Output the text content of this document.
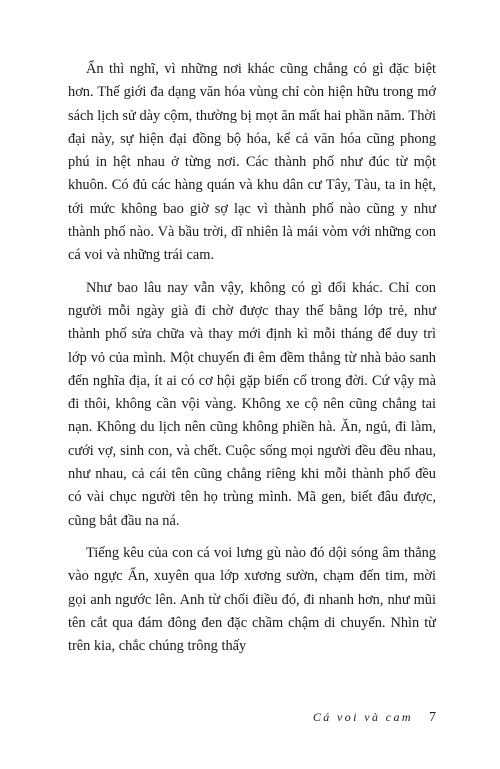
Ẩn thì nghĩ, vì những nơi khác cũng chẳng có gì đặc biệt hơn. Thế giới đa dạng văn hóa vùng chỉ còn hiện hữu trong mớ sách lịch sử dày cộm, thường bị mọt ăn mất hai phần năm. Thời đại này, sự hiện đại đồng bộ hóa, kể cả văn hóa cũng phong phú in hệt nhau ở từng nơi. Các thành phố như đúc từ một khuôn. Có đủ các hàng quán và khu dân cư Tây, Tàu, ta in hệt, tới mức không bao giờ sợ lạc vì thành phố nào cũng y như thành phố nào. Và bầu trời, dĩ nhiên là mái vòm với những con cá voi và những trái cam.

Như bao lâu nay vẫn vậy, không có gì đổi khác. Chỉ con người mỗi ngày già đi chờ được thay thế bằng lớp trẻ, như thành phố sửa chữa và thay mới định kì mỗi tháng để duy trì lớp vỏ của mình. Một chuyến đi êm đềm thẳng từ nhà bảo sanh đến nghĩa địa, ít ai có cơ hội gặp biến cố trong đời. Cứ vậy mà đi thôi, không cần vội vàng. Không xe cộ nên cũng chẳng tai nạn. Không du lịch nên cũng không phiền hà. Ăn, ngủ, đi làm, cưới vợ, sinh con, và chết. Cuộc sống mọi người đều đều nhau, như nhau, cả cái tên cũng chẳng riêng khi mỗi thành phố đều có vài chục người tên họ trùng mình. Mã gen, biết đâu được, cũng bắt đầu na ná.

Tiếng kêu của con cá voi lưng gù nào đó dội sóng âm thẳng vào ngực Ẩn, xuyên qua lớp xương sườn, chạm đến tim, mời gọi anh ngước lên. Anh từ chối điều đó, đi nhanh hơn, như mũi tên cắt qua đám đông đen đặc chầm chậm di chuyển. Nhìn từ trên kia, chắc chúng trông thấy

Cá voi và cam 7
